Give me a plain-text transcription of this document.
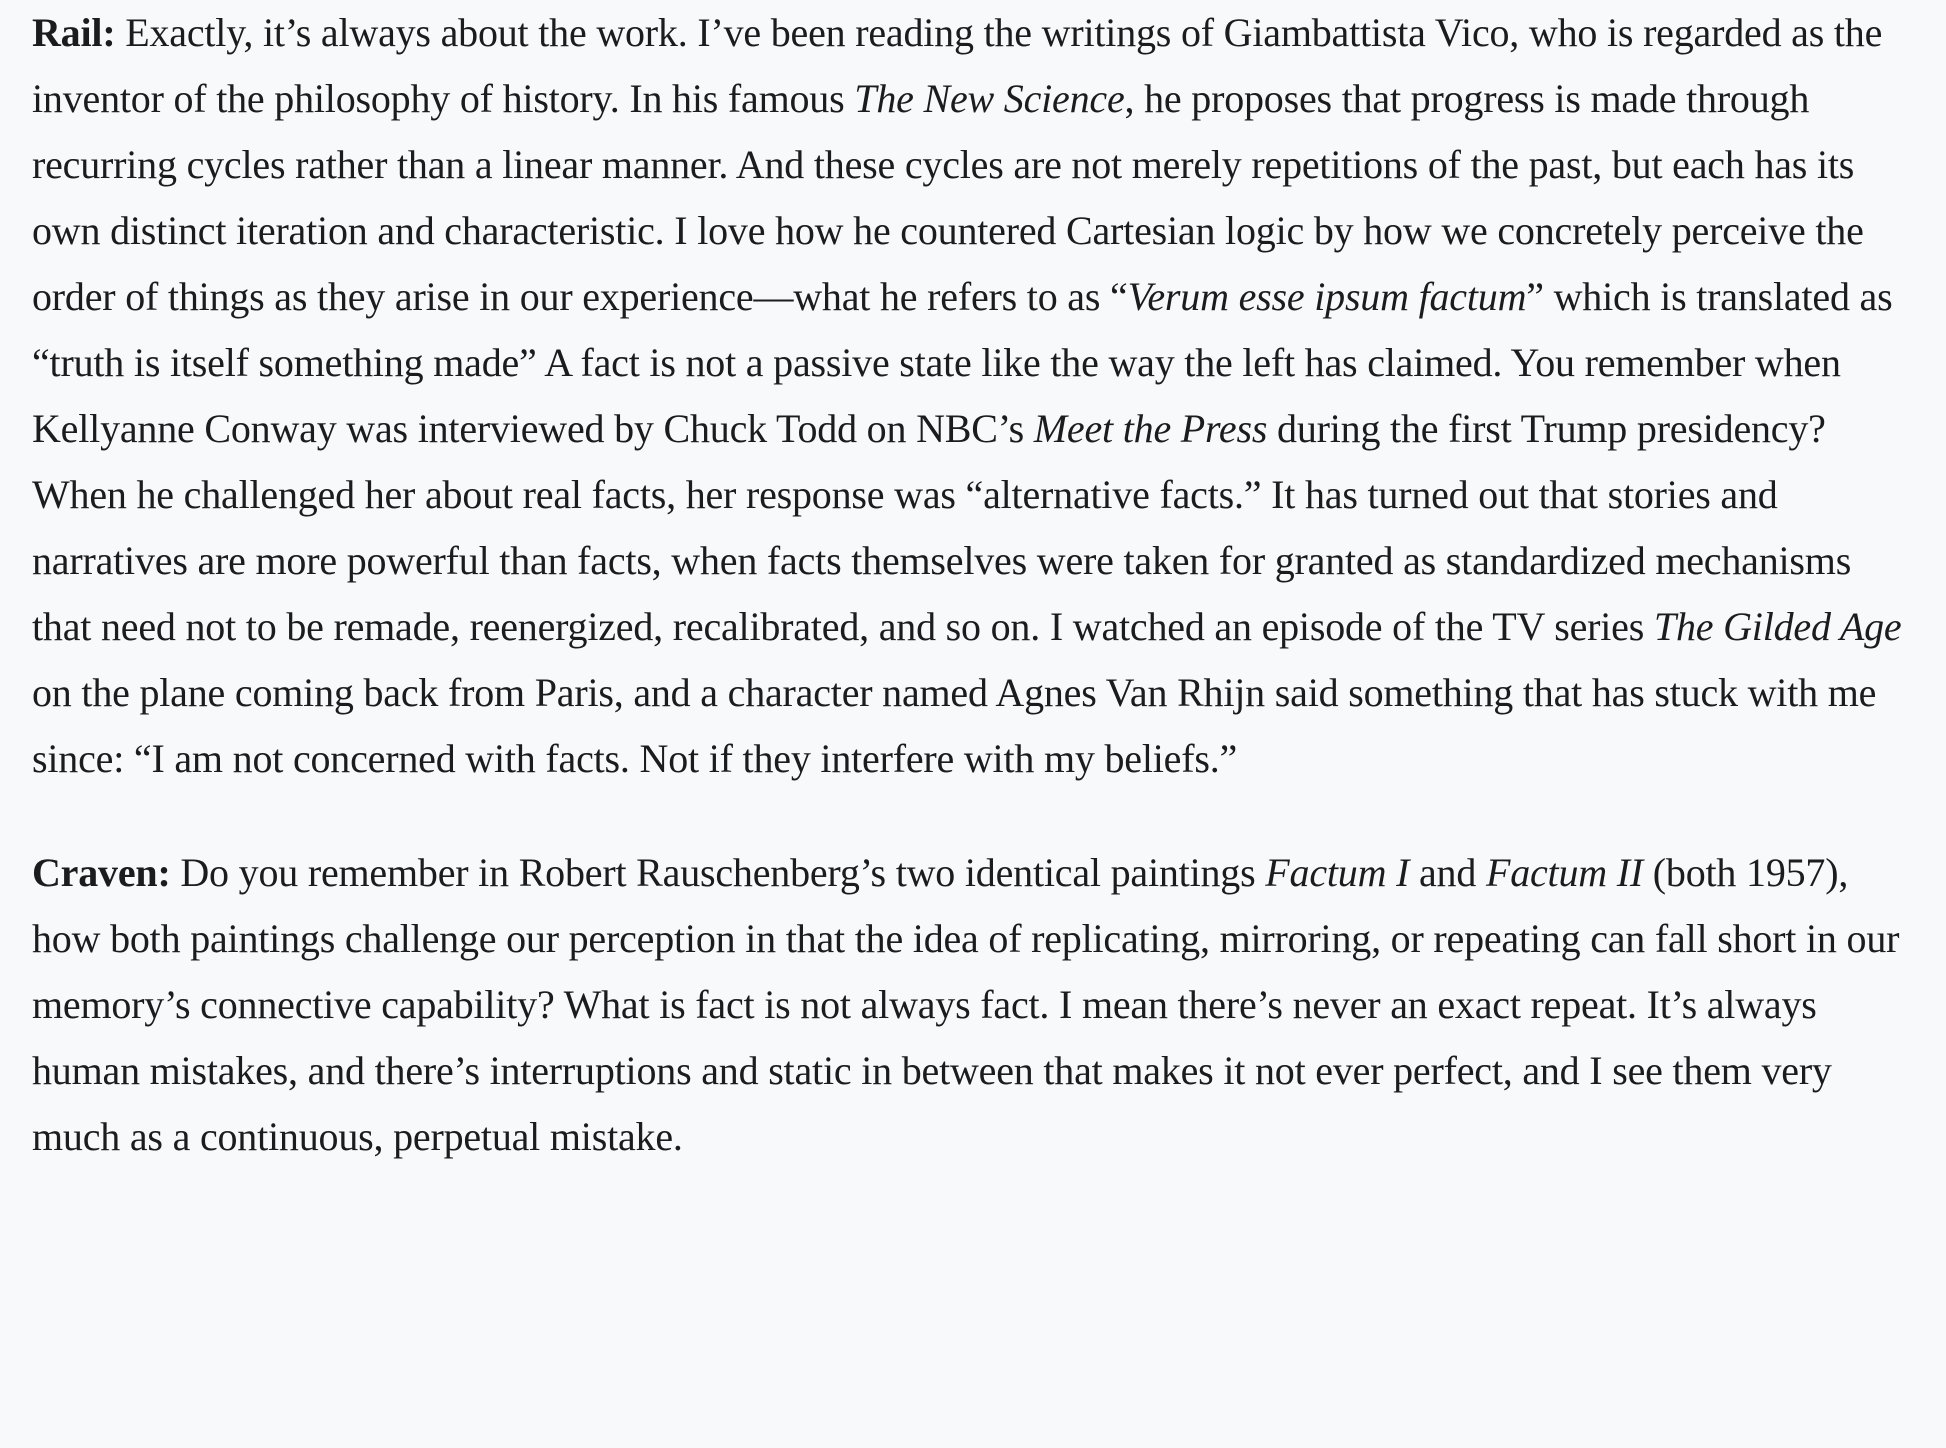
Rail: Exactly, it’s always about the work. I’ve been reading the writings of Giambattista Vico, who is regarded as the inventor of the philosophy of history. In his famous The New Science, he proposes that progress is made through recurring cycles rather than a linear manner. And these cycles are not merely repetitions of the past, but each has its own distinct iteration and characteristic. I love how he countered Cartesian logic by how we concretely perceive the order of things as they arise in our experience—what he refers to as “Verum esse ipsum factum” which is translated as “truth is itself something made” A fact is not a passive state like the way the left has claimed. You remember when Kellyanne Conway was interviewed by Chuck Todd on NBC’s Meet the Press during the first Trump presidency? When he challenged her about real facts, her response was “alternative facts.” It has turned out that stories and narratives are more powerful than facts, when facts themselves were taken for granted as standardized mechanisms that need not to be remade, reenergized, recalibrated, and so on. I watched an episode of the TV series The Gilded Age on the plane coming back from Paris, and a character named Agnes Van Rhijn said something that has stuck with me since: “I am not concerned with facts. Not if they interfere with my beliefs.”

Craven: Do you remember in Robert Rauschenberg’s two identical paintings Factum I and Factum II (both 1957), how both paintings challenge our perception in that the idea of replicating, mirroring, or repeating can fall short in our memory’s connective capability? What is fact is not always fact. I mean there’s never an exact repeat. It’s always human mistakes, and there’s interruptions and static in between that makes it not ever perfect, and I see them very much as a continuous, perpetual mistake.
